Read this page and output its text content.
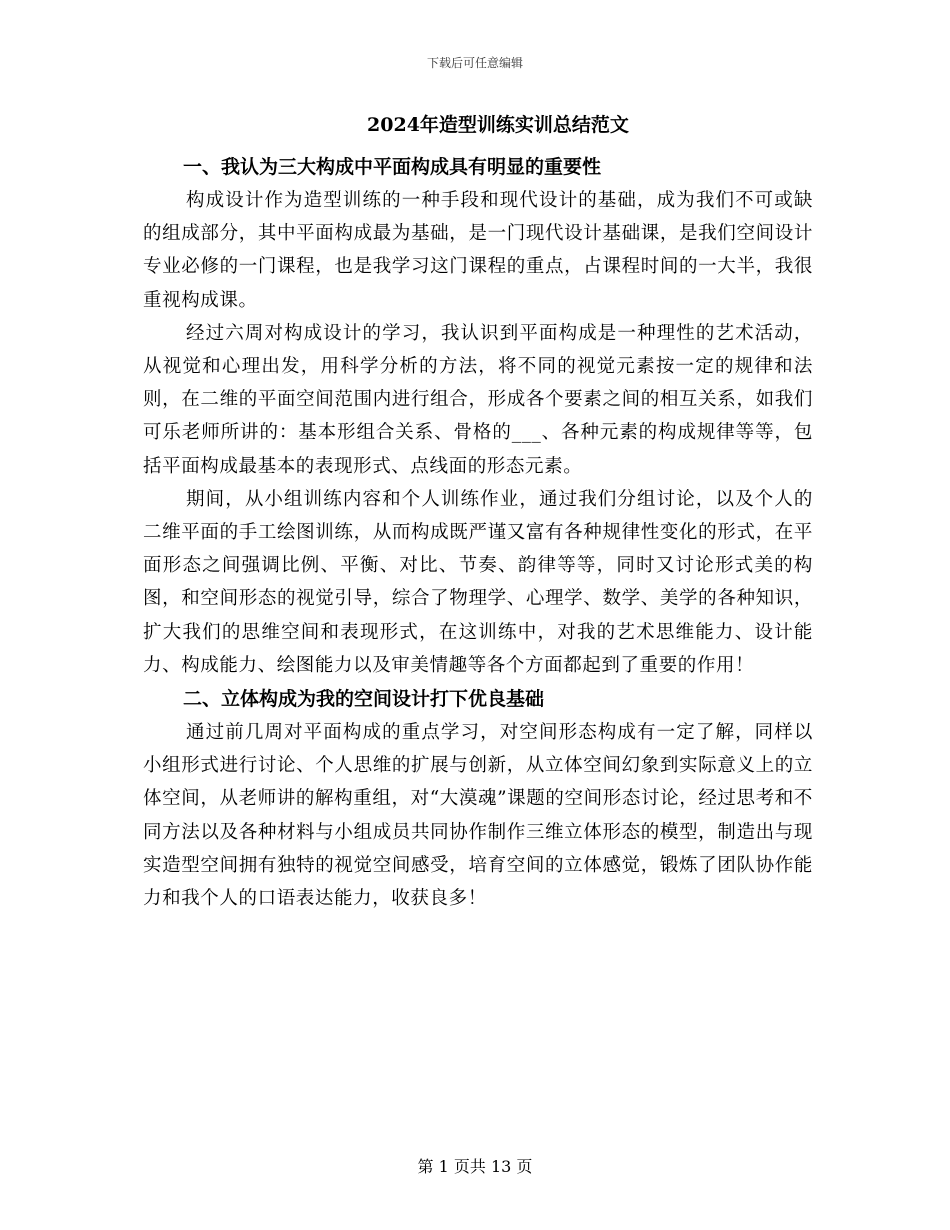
下载后可任意编辑
2024年造型训练实训总结范文
一、我认为三大构成中平面构成具有明显的重要性

构成设计作为造型训练的一种手段和现代设计的基础，成为我们不可或缺的组成部分，其中平面构成最为基础，是一门现代设计基础课，是我们空间设计专业必修的一门课程，也是我学习这门课程的重点，占课程时间的一大半，我很重视构成课。

经过六周对构成设计的学习，我认识到平面构成是一种理性的艺术活动，从视觉和心理出发，用科学分析的方法，将不同的视觉元素按一定的规律和法则，在二维的平面空间范围内进行组合，形成各个要素之间的相互关系，如我们可乐老师所讲的：基本形组合关系、骨格的___、各种元素的构成规律等等，包括平面构成最基本的表现形式、点线面的形态元素。

期间，从小组训练内容和个人训练作业，通过我们分组讨论，以及个人的二维平面的手工绘图训练，从而构成既严谨又富有各种规律性变化的形式，在平面形态之间强调比例、平衡、对比、节奏、韵律等等，同时又讨论形式美的构图，和空间形态的视觉引导，综合了物理学、心理学、数学、美学的各种知识，扩大我们的思维空间和表现形式，在这训练中，对我的艺术思维能力、设计能力、构成能力、绘图能力以及审美情趣等各个方面都起到了重要的作用！

二、立体构成为我的空间设计打下优良基础

通过前几周对平面构成的重点学习，对空间形态构成有一定了解，同样以小组形式进行讨论、个人思维的扩展与创新，从立体空间幻象到实际意义上的立体空间，从老师讲的解构重组，对“大漠魂”课题的空间形态讨论，经过思考和不同方法以及各种材料与小组成员共同协作制作三维立体形态的模型，制造出与现实造型空间拥有独特的视觉空间感受，培育空间的立体感觉，锻炼了团队协作能力和我个人的口语表达能力，收获良多！

第 1 页共 13 页
